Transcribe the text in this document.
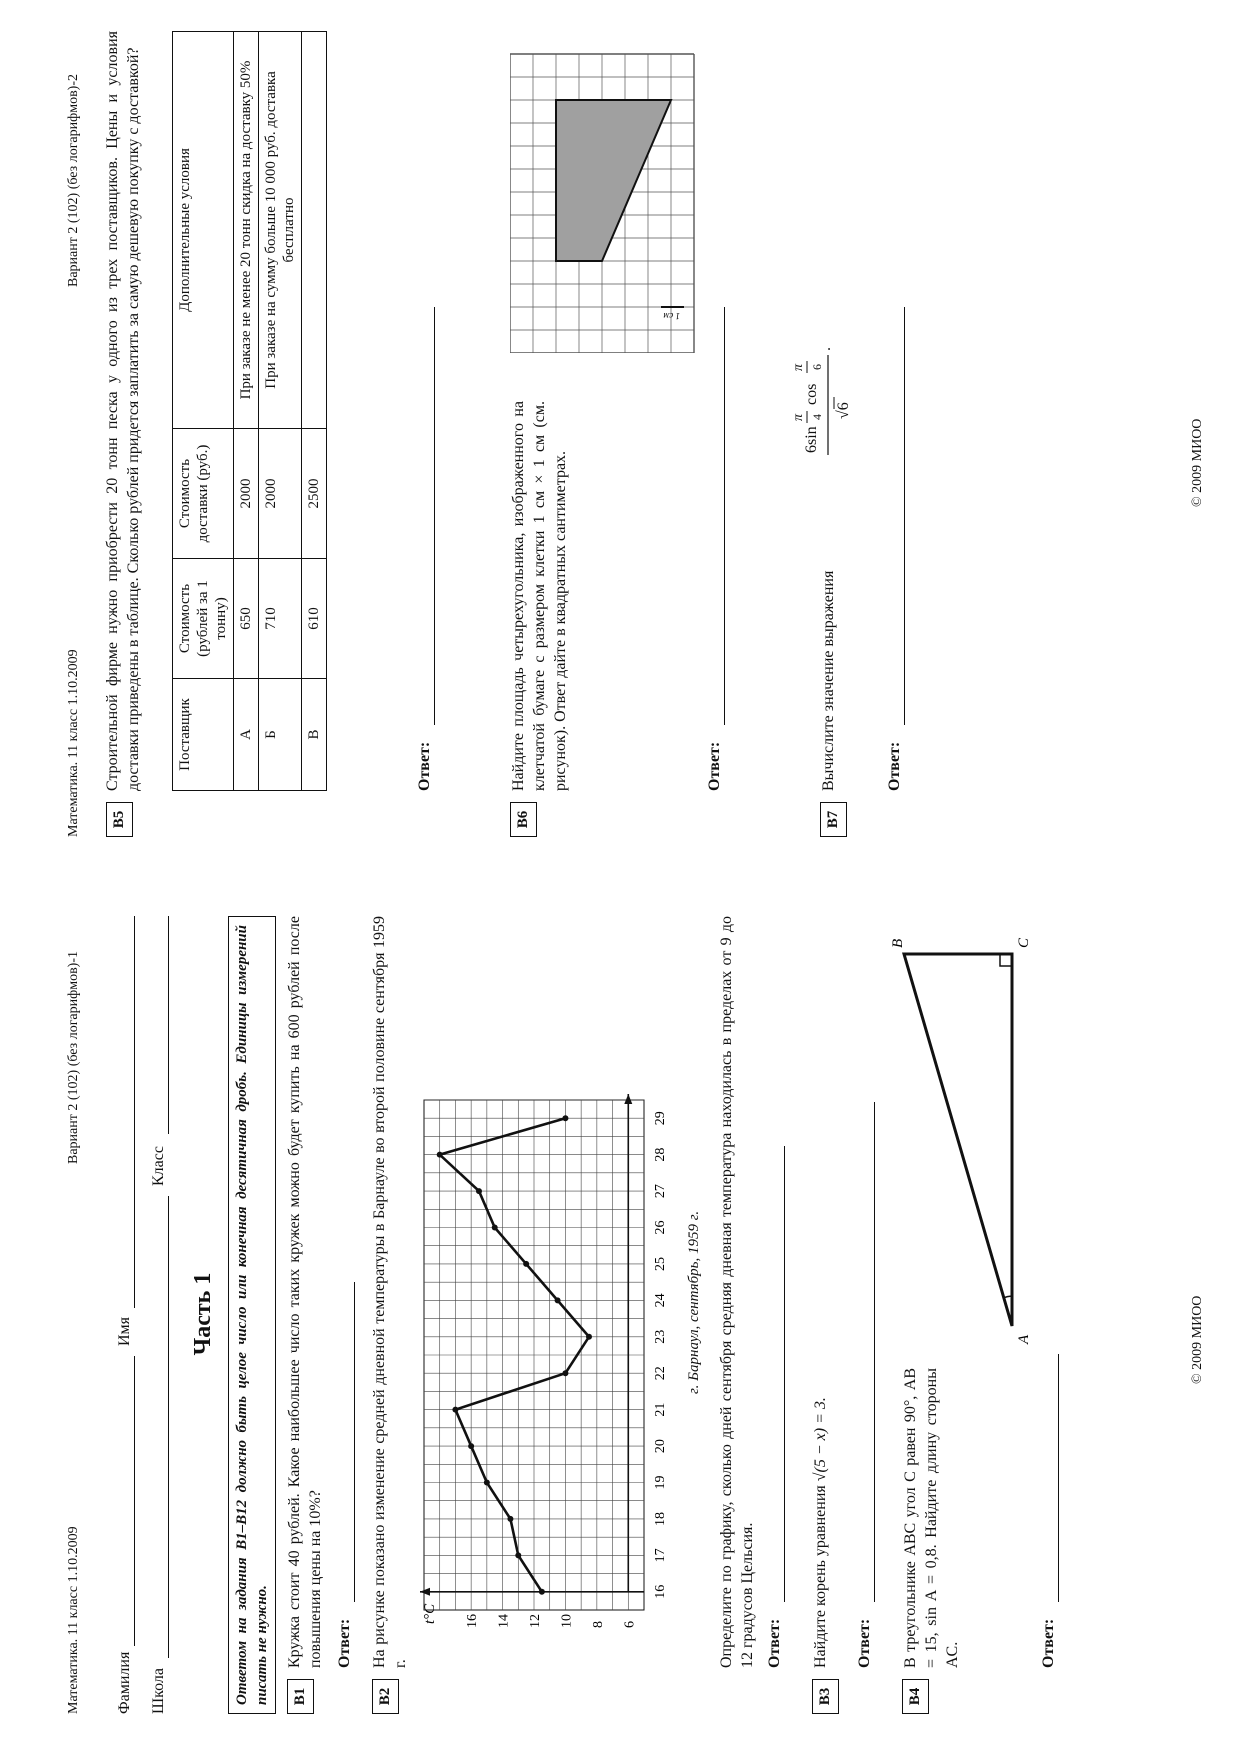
Математика. 11 класс 1.10.2009
Вариант 2 (102) (без логарифмов)-1
Фамилия
Имя
Школа
Класс
Часть 1	Ответом на задания В1–В12 должно быть целое число или конечная десятичная дробь. Единицы измерений писать не нужно.	B1
Кружка стоит 40 рублей. Какое наибольшее число таких кружек можно будет купить на 600 рублей после повышения цены на 10%? Ответ:
B2
На рисунке показано изменение средней дневной температуры в Барнауле во второй половине сентября 1959 г.
6
8
10
12
14
16
16
17
18
19
20
21
22
23
24
25
26
27
28
29
t°C
г. Барнаул, сентябрь, 1959 г. Определите по графику, сколько дней сентября средняя дневная температура находилась в пределах от 9 до 12 градусов Цельсия. Ответ:
B3
Найдите корень уравнения √(5 − x) = 3.
Ответ:
B4
В треугольнике ABC угол C равен 90°, AB = 15, sin A = 0,8. Найдите длину стороны AC.
A
B	C
Ответ:
© 2009 МИОО
Математика. 11 класс 1.10.2009
Вариант 2 (102) (без логарифмов)-2
B5
Строительной фирме нужно приобрести 20 тонн песка у одного из трех поставщиков. Цены и условия доставки приведены в таблице. Сколько рублей придется заплатить за самую дешевую покупку с доставкой? Поставщик	Стоимость (рублей за 1 тонну)	Стоимость доставки (руб.)	Дополнительные условия
А	650	2000	При заказе не менее 20 тонн скидка на доставку 50%
Б	710	2000	При заказе на сумму больше 10 000 руб. доставка бесплатно
В	610	2500	
Ответ:
B6
Найдите площадь четырехугольника, изображенного на клетчатой бумаге с размером клетки 1 см × 1 см (см. рисунок). Ответ дайте в квадратных сантиметрах.
1 см
Ответ:
B7
Вычислите значение выражения
6sin
π 4
cos
π 6
√6
.
Ответ:
© 2009 МИОО
